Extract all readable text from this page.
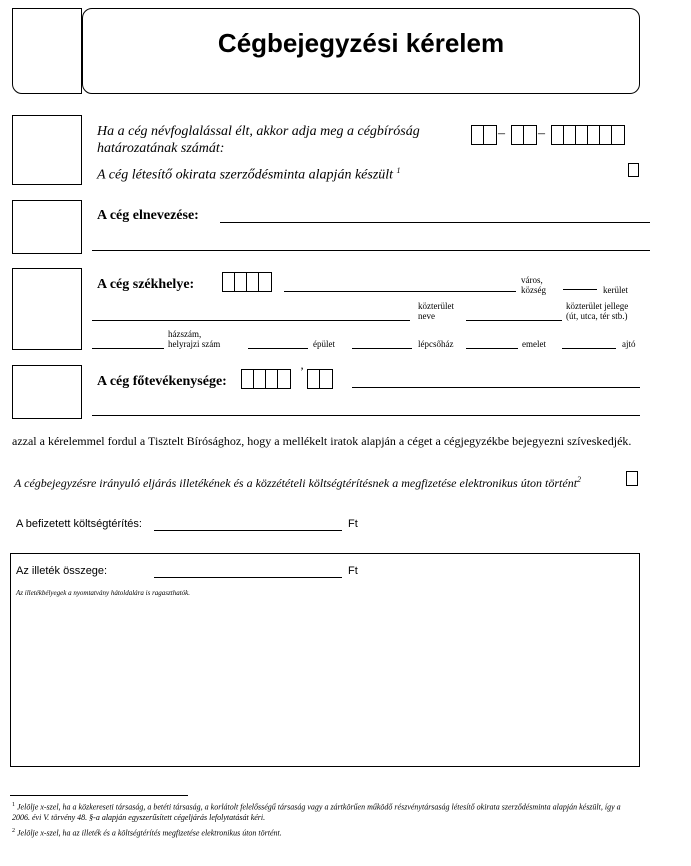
Cégbejegyzési kérelem
Ha a cég névfoglalással élt, akkor adja meg a cégbíróság
határozatának számát:
– –
A cég létesítő okirata szerződésminta alapján készült $^1$
A cég elnevezése:
A cég székhelye:	város,
község	kerület
közterület
neve
közterület jellege
(út, utca, tér stb.)
házszám,
helyrajzi szám	épület	lépcsőház	emelet	ajtó
A cég főtevékenysége:
’
azzal a kérelemmel fordul a Tisztelt Bírósághoz, hogy a mellékelt iratok alapján a céget a cégjegyzékbe bejegyezni szíveskedjék.
A cégbejegyzésre irányuló eljárás illetékének és a közzétételi költségtérítésnek a megfizetése elektronikus úton történt$^2$
A befizetett költségtérítés:	Ft
Az illeték összege:	Ft
Az illetékbélyegek a nyomtatvány hátoldalára is ragaszthatók.
$^1$ Jelölje x-szel, ha a közkereseti társaság, a betéti társaság, a korlátolt felelősségű társaság vagy a zártkörűen működő részvénytársaság létesítő okirata szerződésminta alapján készült, így a 2006. évi V. törvény 48. §-a alapján egyszerűsített cégeljárás lefolytatását kéri.
$^2$ Jelölje x-szel, ha az illeték és a költségtérítés megfizetése elektronikus úton történt.
